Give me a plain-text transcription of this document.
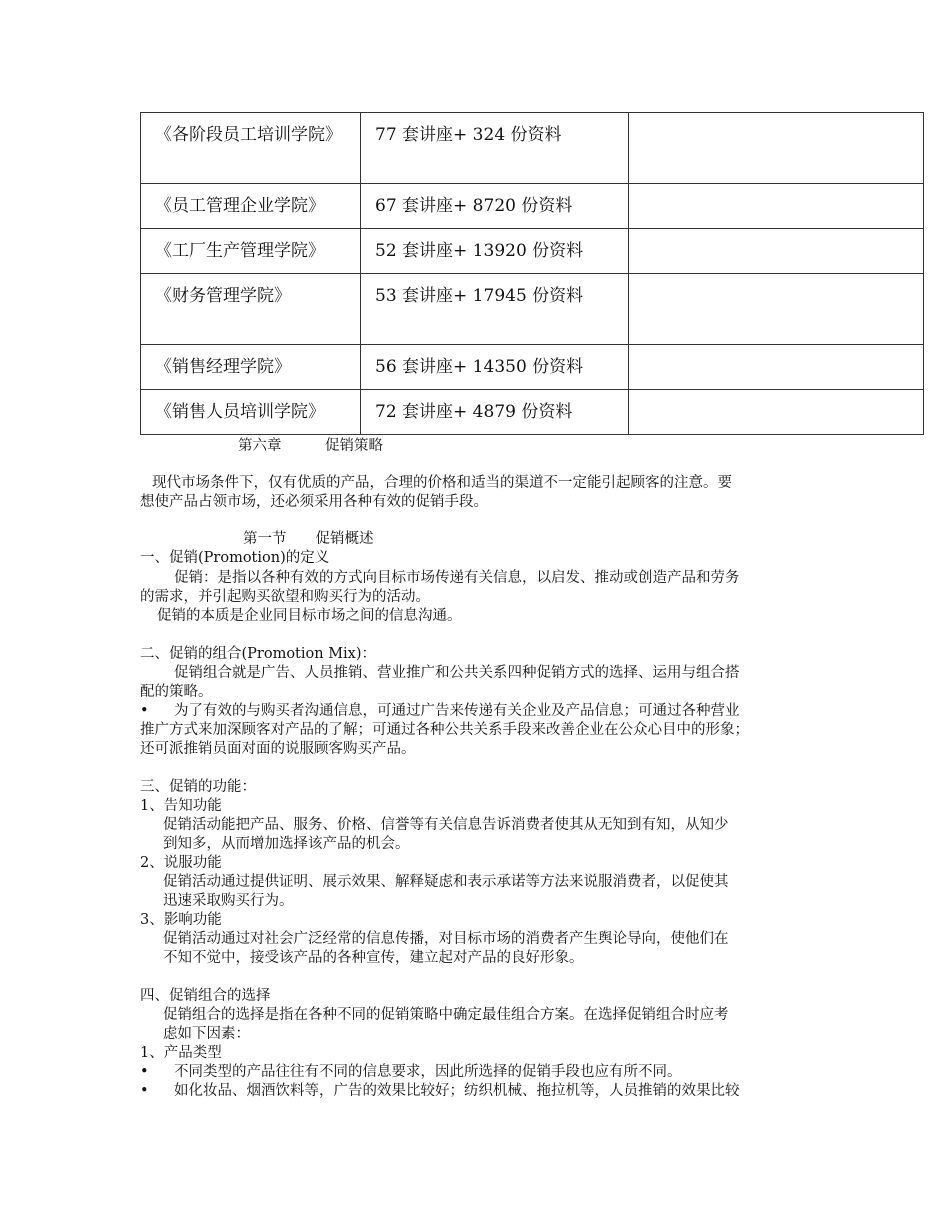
《各阶段员工培训学院》	77 套讲座+ 324 份资料	
《员工管理企业学院》	67 套讲座+ 8720 份资料	
《工厂生产管理学院》	52 套讲座+ 13920 份资料	
《财务管理学院》	53 套讲座+ 17945 份资料	
《销售经理学院》	56 套讲座+ 14350 份资料	
《销售人员培训学院》	72 套讲座+ 4879 份资料	
第六章　　　促销策略
现代市场条件下，仅有优质的产品，合理的价格和适当的渠道不一定能引起顾客的注意。要
想使产品占领市场，还必须采用各种有效的促销手段。
第一节　　促销概述
一、促销(Promotion)的定义
促销：是指以各种有效的方式向目标市场传递有关信息，以启发、推动或创造产品和劳务
的需求，并引起购买欲望和购买行为的活动。
促销的本质是企业同目标市场之间的信息沟通。
二、促销的组合(Promotion Mix)：
促销组合就是广告、人员推销、营业推广和公共关系四种促销方式的选择、运用与组合搭
配的策略。
• 为了有效的与购买者沟通信息，可通过广告来传递有关企业及产品信息；可通过各种营业
推广方式来加深顾客对产品的了解；可通过各种公共关系手段来改善企业在公众心目中的形象；
还可派推销员面对面的说服顾客购买产品。
三、促销的功能：
1、告知功能
促销活动能把产品、服务、价格、信誉等有关信息告诉消费者使其从无知到有知，从知少
到知多，从而增加选择该产品的机会。
2、说服功能
促销活动通过提供证明、展示效果、解释疑虑和表示承诺等方法来说服消费者，以促使其
迅速采取购买行为。
3、影响功能
促销活动通过对社会广泛经常的信息传播，对目标市场的消费者产生舆论导向，使他们在
不知不觉中，接受该产品的各种宣传，建立起对产品的良好形象。
四、促销组合的选择
促销组合的选择是指在各种不同的促销策略中确定最佳组合方案。在选择促销组合时应考
虑如下因素：
1、产品类型
• 不同类型的产品往往有不同的信息要求，因此所选择的促销手段也应有所不同。
• 如化妆品、烟酒饮料等，广告的效果比较好；纺织机械、拖拉机等，人员推销的效果比较
